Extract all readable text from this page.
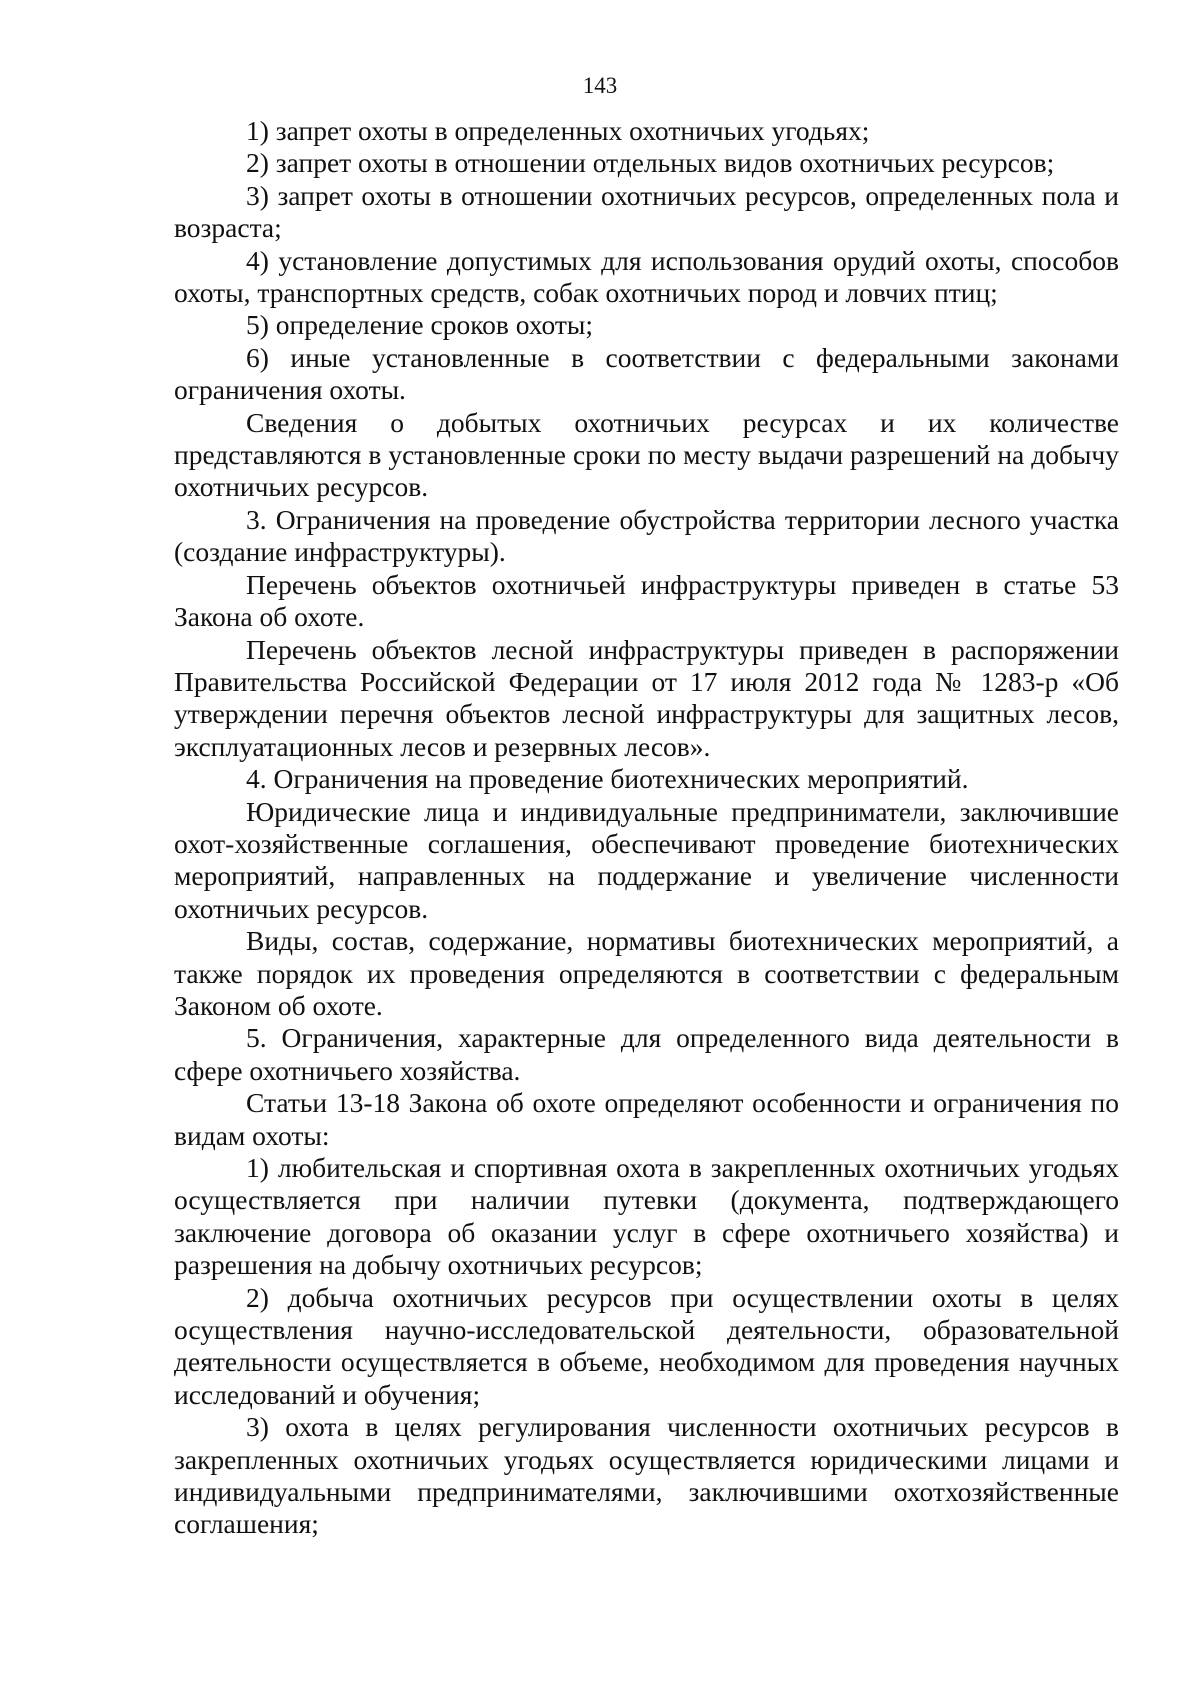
143

1) запрет охоты в определенных охотничьих угодьях;

2) запрет охоты в отношении отдельных видов охотничьих ресурсов;

3) запрет охоты в отношении охотничьих ресурсов, определенных пола и возраста;

4) установление допустимых для использования орудий охоты, способов охоты, транспортных средств, собак охотничьих пород и ловчих птиц;

5) определение сроков охоты;

6) иные установленные в соответствии с федеральными законами ограничения охоты.

Сведения о добытых охотничьих ресурсах и их количестве представляются в установленные сроки по месту выдачи разрешений на добычу охотничьих ресурсов.

3. Ограничения на проведение обустройства территории лесного участка (создание инфраструктуры).

Перечень объектов охотничьей инфраструктуры приведен в статье 53 Закона об охоте.

Перечень объектов лесной инфраструктуры приведен в распоряжении Правительства Российской Федерации от 17 июля 2012 года № 1283-р «Об утверждении перечня объектов лесной инфраструктуры для защитных лесов, эксплуатационных лесов и резервных лесов».

4. Ограничения на проведение биотехнических мероприятий.

Юридические лица и индивидуальные предприниматели, заключившие охот-хозяйственные соглашения, обеспечивают проведение биотехнических мероприятий, направленных на поддержание и увеличение численности охотничьих ресурсов.

Виды, состав, содержание, нормативы биотехнических мероприятий, а также порядок их проведения определяются в соответствии с федеральным Законом об охоте.

5. Ограничения, характерные для определенного вида деятельности в сфере охотничьего хозяйства.

Статьи 13-18 Закона об охоте определяют особенности и ограничения по видам охоты:

1) любительская и спортивная охота в закрепленных охотничьих угодьях осуществляется при наличии путевки (документа, подтверждающего заключение договора об оказании услуг в сфере охотничьего хозяйства) и разрешения на добычу охотничьих ресурсов;

2) добыча охотничьих ресурсов при осуществлении охоты в целях осуществления научно-исследовательской деятельности, образовательной деятельности осуществляется в объеме, необходимом для проведения научных исследований и обучения;

3) охота в целях регулирования численности охотничьих ресурсов в закрепленных охотничьих угодьях осуществляется юридическими лицами и индивидуальными предпринимателями, заключившими охотхозяйственные соглашения;
